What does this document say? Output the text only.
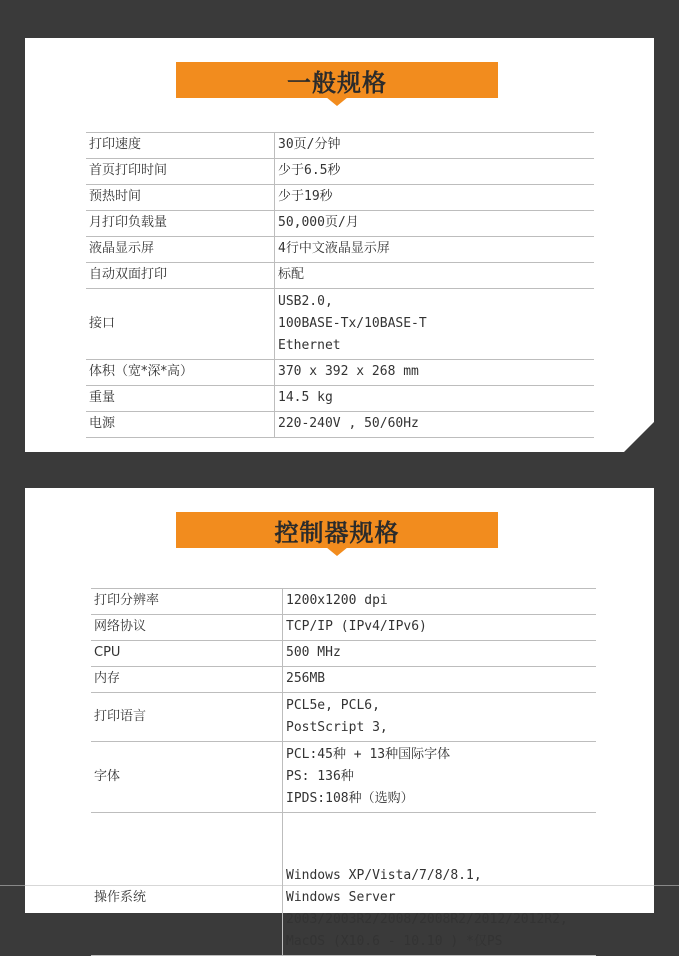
一般规格
打印速度	30页/分钟

首页打印时间	少于6.5秒

预热时间	少于19秒

月打印负载量	50,000页/月

液晶显示屏	4行中文液晶显示屏

自动双面打印	标配

接口	USB2.0,
100BASE-Tx/10BASE-T
Ethernet

体积（宽*深*高）	370 x 392 x 268 mm

重量	14.5 kg

电源	220-240V , 50/60Hz
控制器规格
打印分辨率	1200x1200 dpi

网络协议	TCP/IP (IPv4/IPv6)

CPU	500 MHz

内存	256MB

打印语言	PCL5e, PCL6,
PostScript 3,

字体	PCL:45种 + 13种国际字体
PS: 136种
IPDS:108种（选购）

操作系统	Windows XP/Vista/7/8/8.1,
Windows Server
2003/2003R2/2008/2008R2/2012/2012R2,
MacOS (X10.6 - 10.10 ) *仅PS
